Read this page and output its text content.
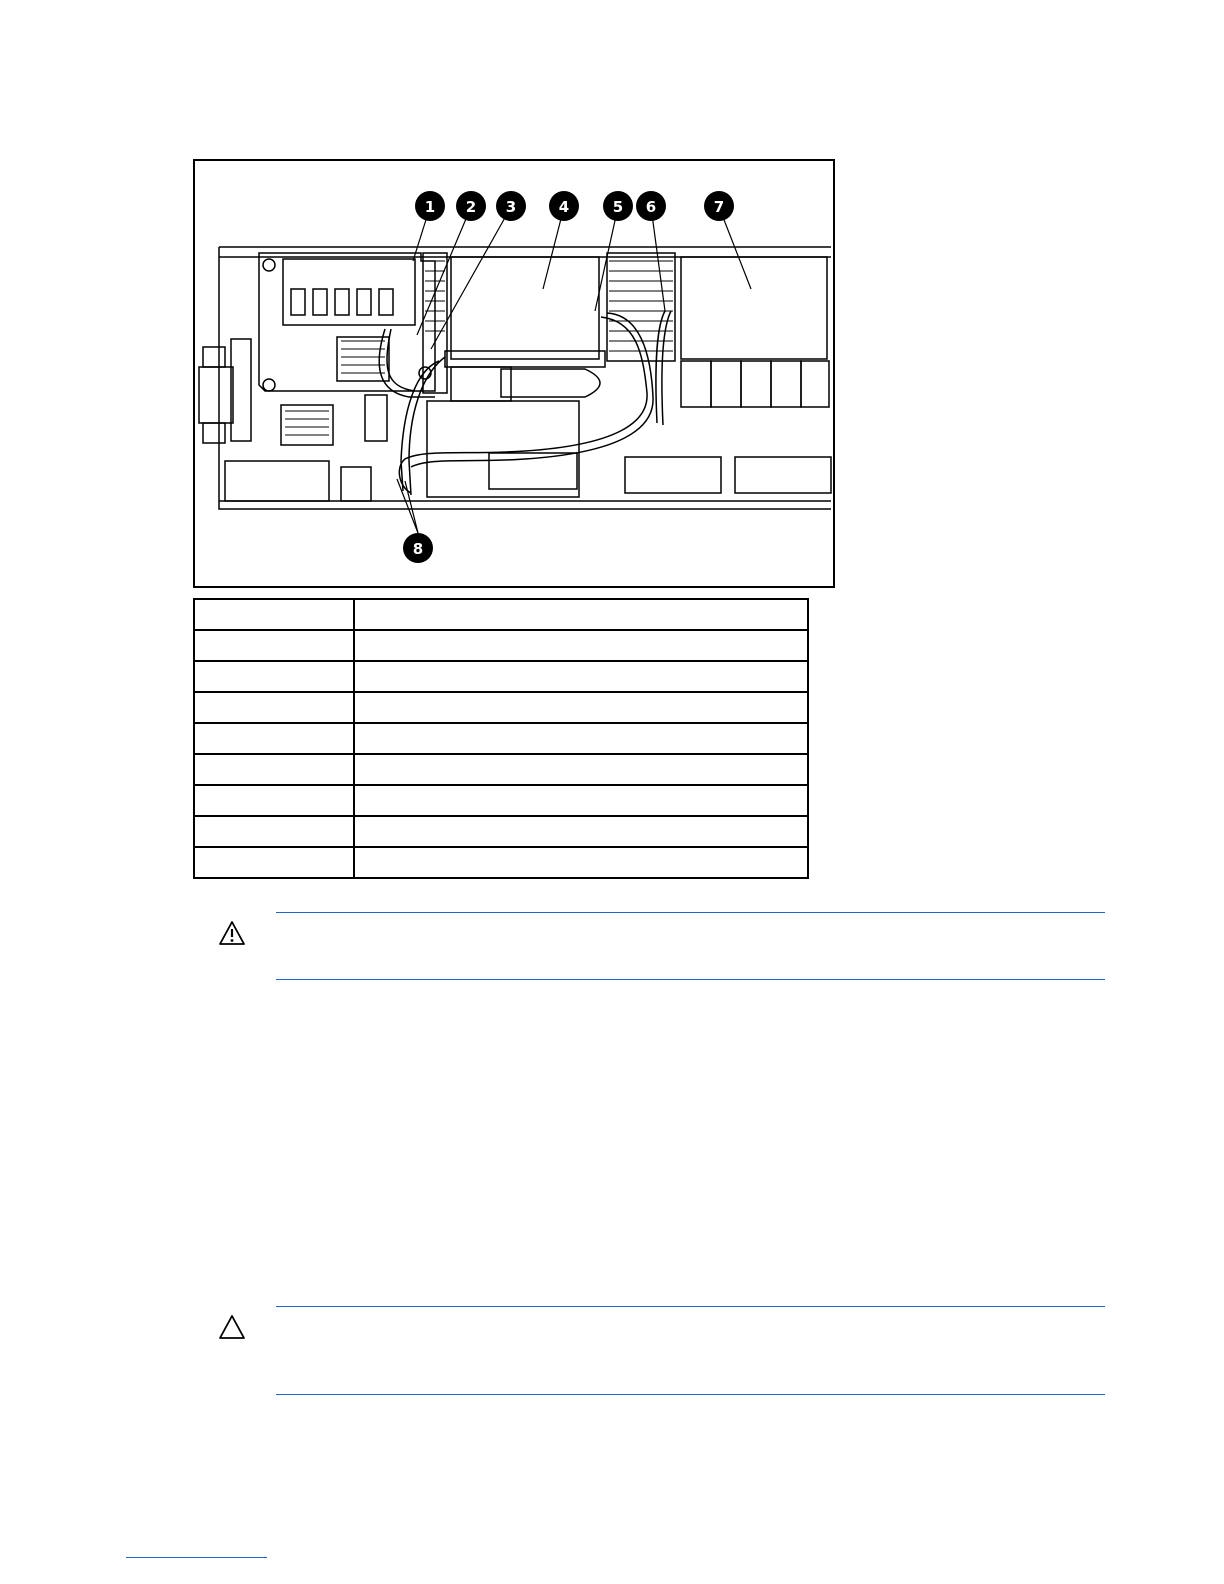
1 2 3	4	5 6	7
8
